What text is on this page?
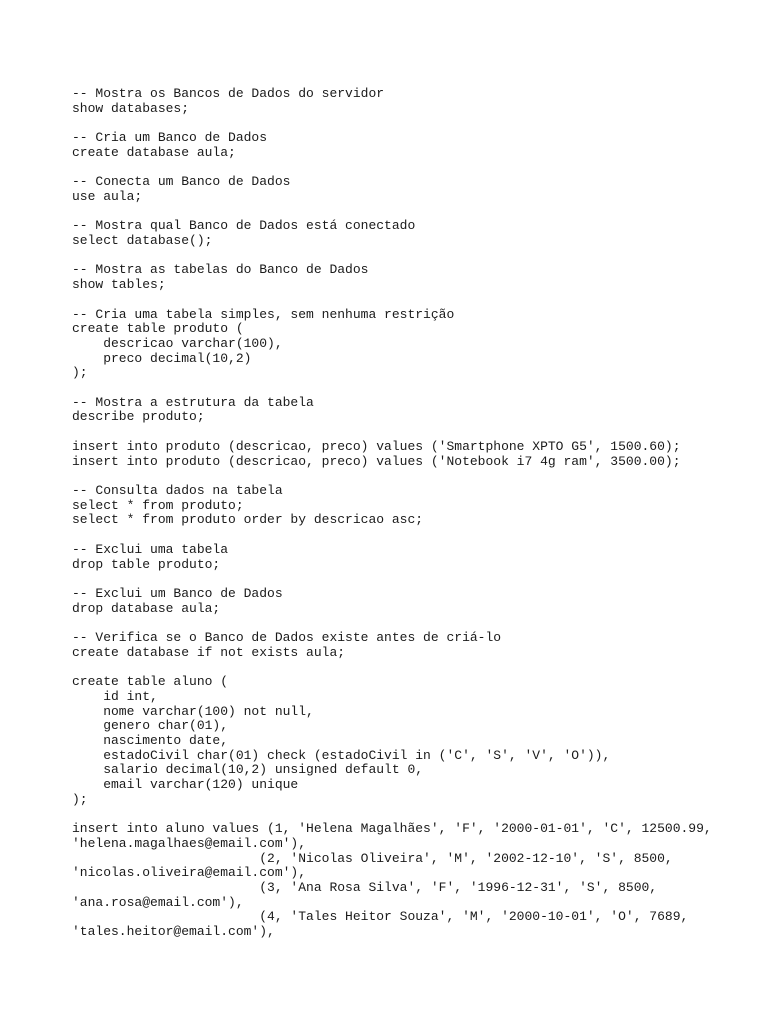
-- Mostra os Bancos de Dados do servidor
show databases;
-- Cria um Banco de Dados
create database aula;
-- Conecta um Banco de Dados
use aula;
-- Mostra qual Banco de Dados está conectado
select database();
-- Mostra as tabelas do Banco de Dados
show tables;
-- Cria uma tabela simples, sem nenhuma restrição
create table produto (
descricao varchar(100),
preco decimal(10,2)
);
-- Mostra a estrutura da tabela
describe produto;
insert into produto (descricao, preco) values ('Smartphone XPTO G5', 1500.60);
insert into produto (descricao, preco) values ('Notebook i7 4g ram', 3500.00);
-- Consulta dados na tabela
select * from produto;
select * from produto order by descricao asc;
-- Exclui uma tabela
drop table produto;
-- Exclui um Banco de Dados
drop database aula;
-- Verifica se o Banco de Dados existe antes de criá-lo
create database if not exists aula;
create table aluno (
id int,
nome varchar(100) not null,
genero char(01),
nascimento date,
estadoCivil char(01) check (estadoCivil in ('C', 'S', 'V', 'O')),
salario decimal(10,2) unsigned default 0,
email varchar(120) unique
);
insert into aluno values (1, 'Helena Magalhães', 'F', '2000-01-01', 'C', 12500.99,
'helena.magalhaes@email.com'),
(2, 'Nicolas Oliveira', 'M', '2002-12-10', 'S', 8500,
'nicolas.oliveira@email.com'),
(3, 'Ana Rosa Silva', 'F', '1996-12-31', 'S', 8500,
'ana.rosa@email.com'),
(4, 'Tales Heitor Souza', 'M', '2000-10-01', 'O', 7689,
'tales.heitor@email.com'),
